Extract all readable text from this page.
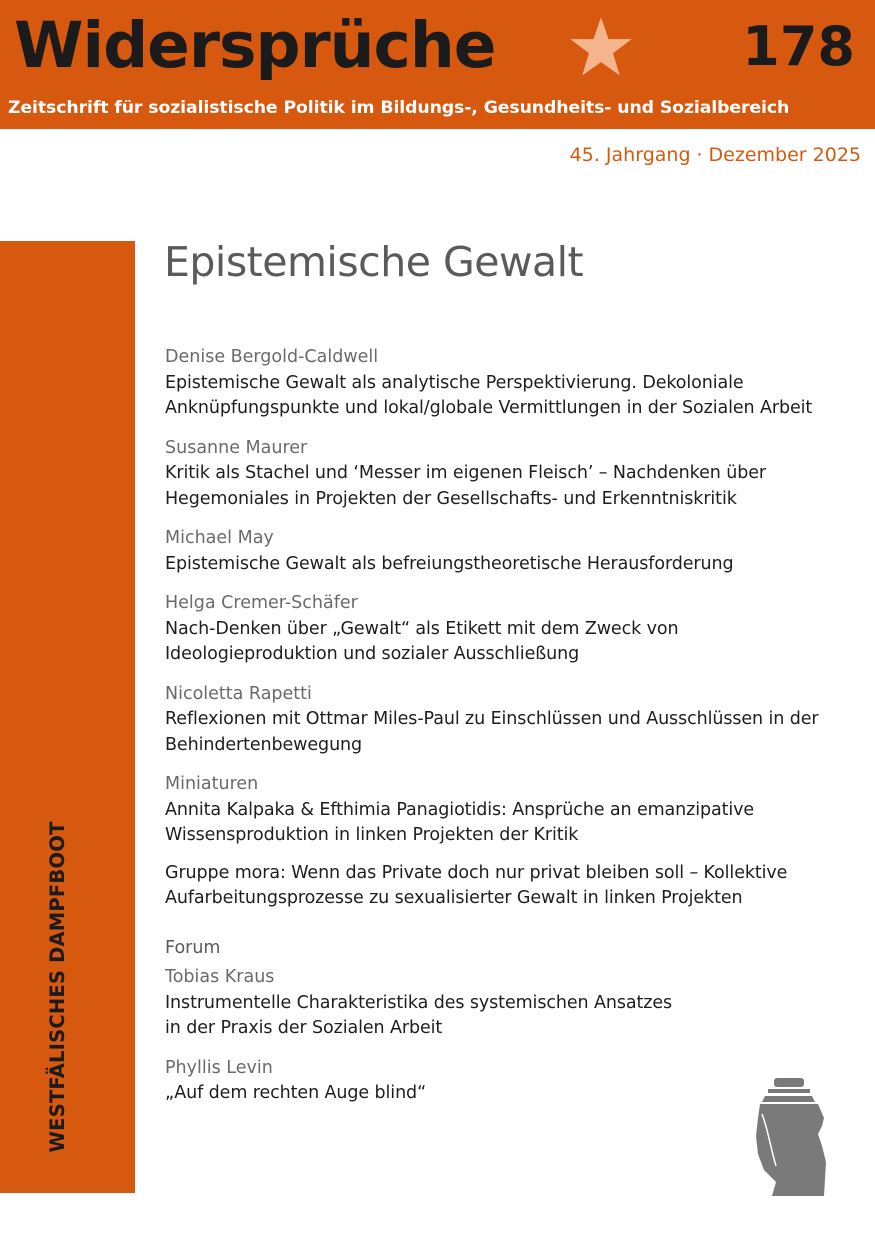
Widersprüche	178
Zeitschrift für sozialistische Politik im Bildungs-, Gesundheits- und Sozialbereich
45. Jahrgang · Dezember 2025
WESTFÄLISCHES DAMPFBOOT
Epistemische Gewalt
Denise Bergold-Caldwell
Epistemische Gewalt als analytische Perspektivierung. Dekoloniale Anknüpfungspunkte und lokal/globale Vermittlungen in der Sozialen Arbeit
Susanne Maurer
Kritik als Stachel und ‘Messer im eigenen Fleisch’ – Nachdenken über Hegemoniales in Projekten der Gesellschafts- und Erkenntniskritik
Michael May
Epistemische Gewalt als befreiungstheoretische Herausforderung
Helga Cremer-Schäfer
Nach-Denken über „Gewalt“ als Etikett mit dem Zweck von Ideologieproduktion und sozialer Ausschließung
Nicoletta Rapetti
Reflexionen mit Ottmar Miles-Paul zu Einschlüssen und Ausschlüssen in der Behindertenbewegung
Miniaturen
Annita Kalpaka & Efthimia Panagiotidis: Ansprüche an emanzipative Wissensproduktion in linken Projekten der Kritik
Gruppe mora: Wenn das Private doch nur privat bleiben soll – Kollektive Aufarbeitungsprozesse zu sexualisierter Gewalt in linken Projekten
Forum
Tobias Kraus
Instrumentelle Charakteristika des systemischen Ansatzes
in der Praxis der Sozialen Arbeit
Phyllis Levin
„Auf dem rechten Auge blind“
